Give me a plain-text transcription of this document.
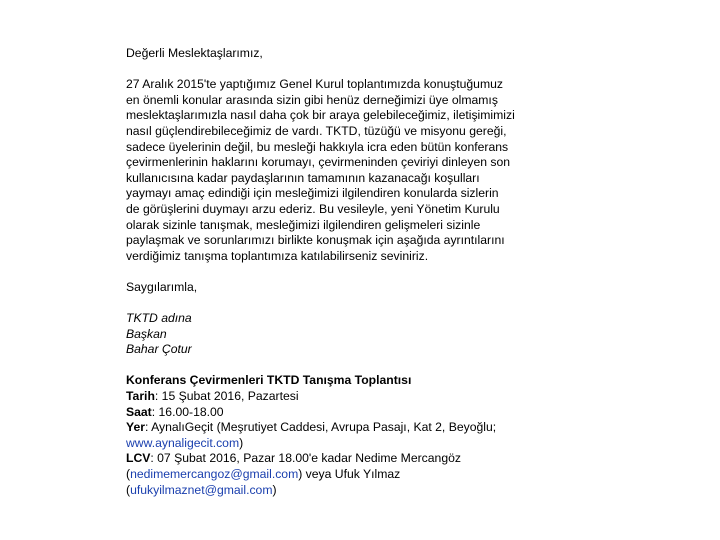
Değerli Meslektaşlarımız,
27 Aralık 2015'te yaptığımız Genel Kurul toplantımızda konuştuğumuz
en önemli konular arasında sizin gibi henüz derneğimizi üye olmamış
meslektaşlarımızla nasıl daha çok bir araya gelebileceğimiz, iletişimimizi
nasıl güçlendirebileceğimiz de vardı. TKTD, tüzüğü ve misyonu gereği,
sadece üyelerinin değil, bu mesleği hakkıyla icra eden bütün konferans
çevirmenlerinin haklarını korumayı, çevirmeninden çeviriyi dinleyen son
kullanıcısına kadar paydaşlarının tamamının kazanacağı koşulları
yaymayı amaç edindiği için mesleğimizi ilgilendiren konularda sizlerin
de görüşlerini duymayı arzu ederiz. Bu vesileyle, yeni Yönetim Kurulu
olarak sizinle tanışmak, mesleğimizi ilgilendiren gelişmeleri sizinle
paylaşmak ve sorunlarımızı birlikte konuşmak için aşağıda ayrıntılarını
verdiğimiz tanışma toplantımıza katılabilirseniz seviniriz.
Saygılarımla,
TKTD adına
Başkan
Bahar Çotur
Konferans Çevirmenleri TKTD Tanışma Toplantısı
Tarih: 15 Şubat 2016, Pazartesi
Saat: 16.00-18.00
Yer: AynalıGeçit (Meşrutiyet Caddesi, Avrupa Pasajı, Kat 2, Beyoğlu;
www.aynaligecit.com)
LCV: 07 Şubat 2016, Pazar 18.00'e kadar Nedime Mercangöz
(nedimemercangoz@gmail.com) veya Ufuk Yılmaz
(ufukyilmaznet@gmail.com)
